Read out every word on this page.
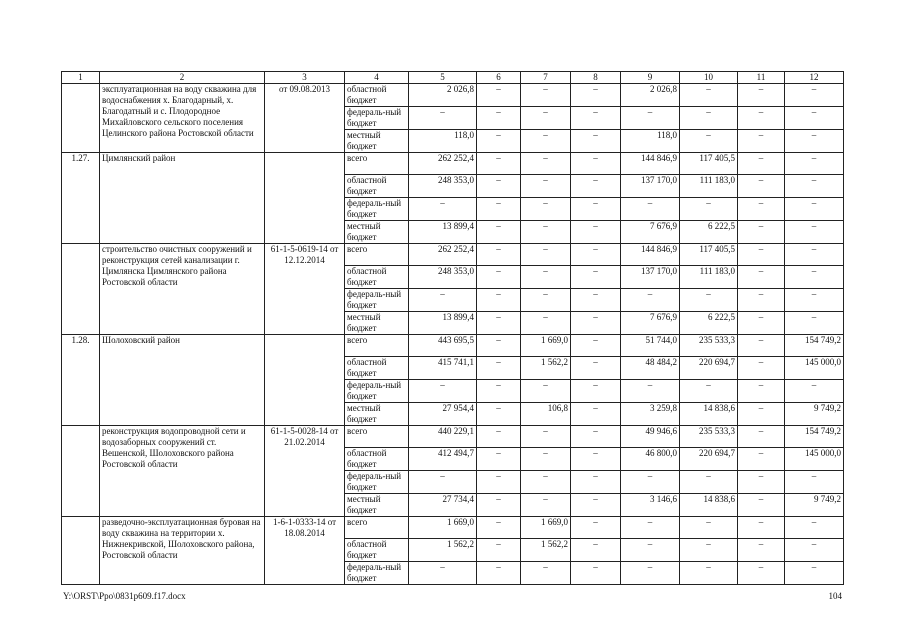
1	2	3	4	5	6	7	8	9	10	11	12
	эксплуатационная на воду скважина для водоснабжения х. Благодарный, х. Благодатный и с. Плодородное Михайловского сельского поселения Целинского района Ростовской области	от 09.08.2013	областной бюджет	2 026,8	–	–	–	2 026,8	–	–	–
			федераль-ный бюджет	–	–	–	–	–	–	–	–
			местный бюджет	118,0	–	–	–	118,0	–	–	–
1.27.	Цимлянский район		всего	262 252,4	–	–	–	144 846,9	117 405,5	–	–
			областной бюджет	248 353,0	–	–	–	137 170,0	111 183,0	–	–
			федераль-ный бюджет	–	–	–	–	–	–	–	–
			местный бюджет	13 899,4	–	–	–	7 676,9	6 222,5	–	–
	строительство очистных сооружений и реконструкция сетей канализации г. Цимлянска Цимлянского района Ростовской области	61-1-5-0619-14 от 12.12.2014	всего	262 252,4	–	–	–	144 846,9	117 405,5	–	–
			областной бюджет	248 353,0	–	–	–	137 170,0	111 183,0	–	–
			федераль-ный бюджет	–	–	–	–	–	–	–	–
			местный бюджет	13 899,4	–	–	–	7 676,9	6 222,5	–	–
1.28.	Шолоховский район		всего	443 695,5	–	1 669,0	–	51 744,0	235 533,3	–	154 749,2
			областной бюджет	415 741,1	–	1 562,2	–	48 484,2	220 694,7	–	145 000,0
			федераль-ный бюджет	–	–	–	–	–	–	–	–
			местный бюджет	27 954,4	–	106,8	–	3 259,8	14 838,6	–	9 749,2
	реконструкция водопроводной сети и водозаборных сооружений ст. Вешенской, Шолоховского района Ростовской области	61-1-5-0028-14 от 21.02.2014	всего	440 229,1	–	–	–	49 946,6	235 533,3	–	154 749,2
			областной бюджет	412 494,7	–	–	–	46 800,0	220 694,7	–	145 000,0
			федераль-ный бюджет	–	–	–	–	–	–	–	–
			местный бюджет	27 734,4	–	–	–	3 146,6	14 838,6	–	9 749,2
	разведочно-эксплуатационная буровая на воду скважина на территории х. Нижнекривской, Шолоховского района, Ростовской области	1-6-1-0333-14 от 18.08.2014	всего	1 669,0	–	1 669,0	–	–	–	–	–
			областной бюджет	1 562,2	–	1 562,2	–	–	–	–	–
			федераль-ный бюджет	–	–	–	–	–	–	–	–
Y:\ORST\Ppo\0831p609.f17.docx	104
